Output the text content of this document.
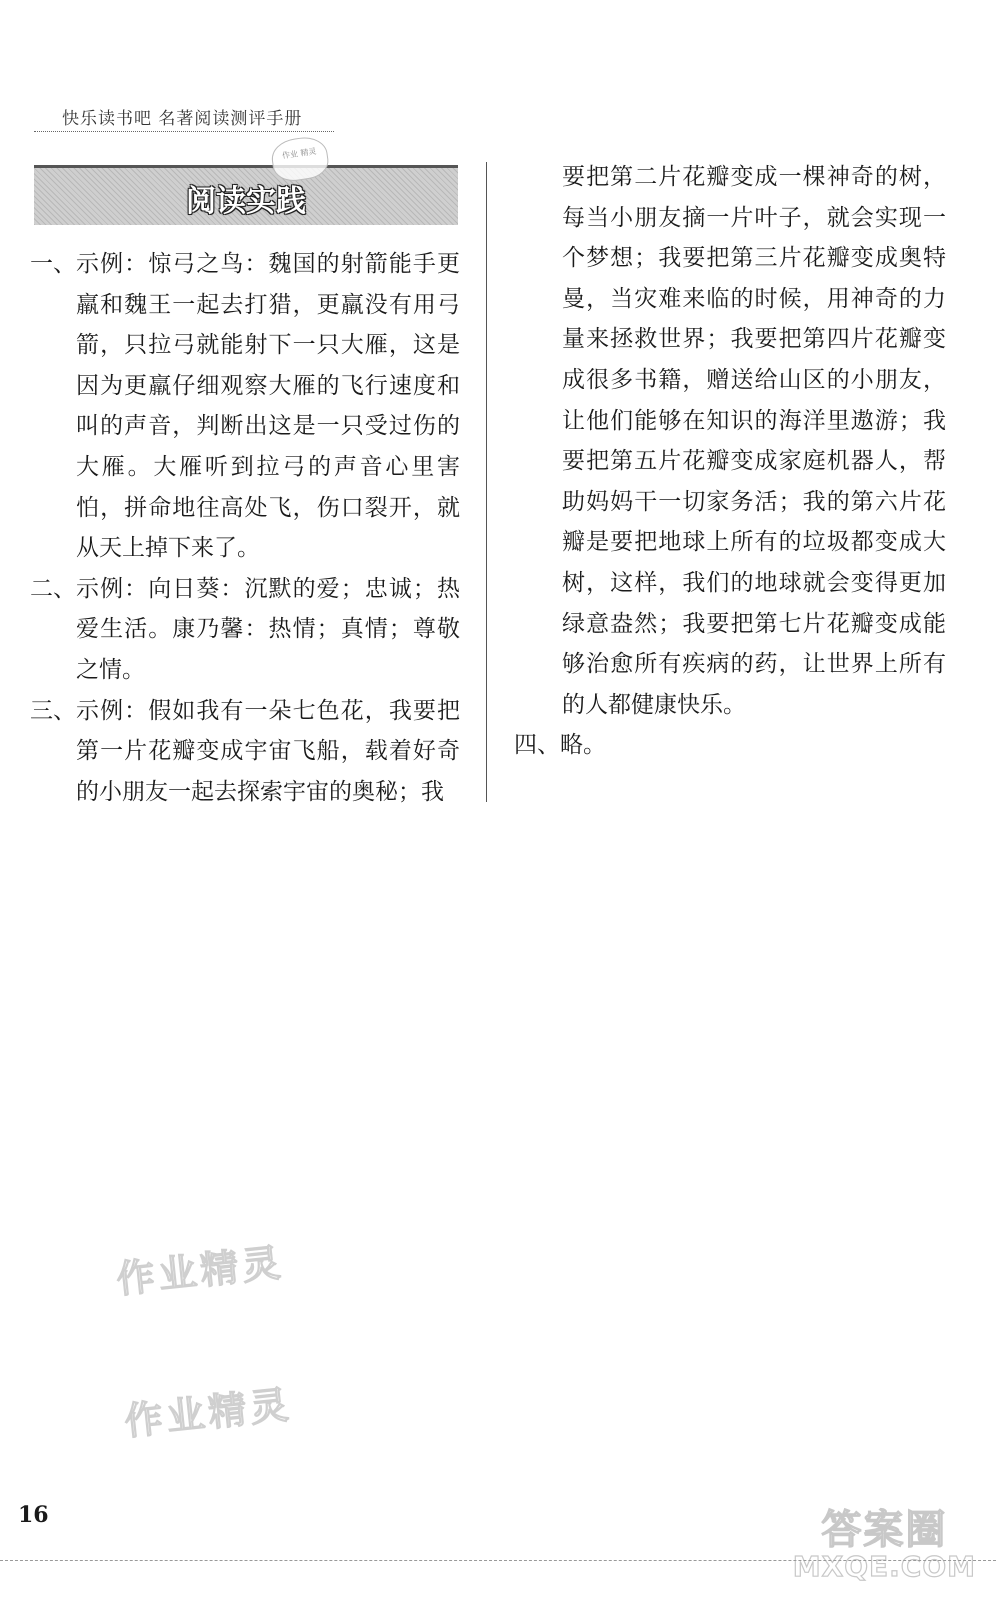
快乐读书吧 名著阅读测评手册
阅读实践
作业 精灵
一、 示例：惊弓之鸟：魏国的射箭能手更羸和魏王一起去打猎，更羸没有用弓箭，只拉弓就能射下一只大雁，这是因为更羸仔细观察大雁的飞行速度和叫的声音，判断出这是一只受过伤的大雁。大雁听到拉弓的声音心里害怕，拼命地往高处飞，伤口裂开，就从天上掉下来了。
二、 示例：向日葵：沉默的爱；忠诚；热爱生活。康乃馨：热情；真情；尊敬之情。
三、 示例：假如我有一朵七色花，我要把第一片花瓣变成宇宙飞船，载着好奇的小朋友一起去探索宇宙的奥秘；我
要把第二片花瓣变成一棵神奇的树，每当小朋友摘一片叶子，就会实现一个梦想；我要把第三片花瓣变成奥特曼，当灾难来临的时候，用神奇的力量来拯救世界；我要把第四片花瓣变成很多书籍，赠送给山区的小朋友，让他们能够在知识的海洋里遨游；我要把第五片花瓣变成家庭机器人，帮助妈妈干一切家务活；我的第六片花瓣是要把地球上所有的垃圾都变成大树，这样，我们的地球就会变得更加绿意盎然；我要把第七片花瓣变成能够治愈所有疾病的药，让世界上所有的人都健康快乐。
四、 略。
作业精灵
作业精灵
16	答案圈
MXQE.COM
